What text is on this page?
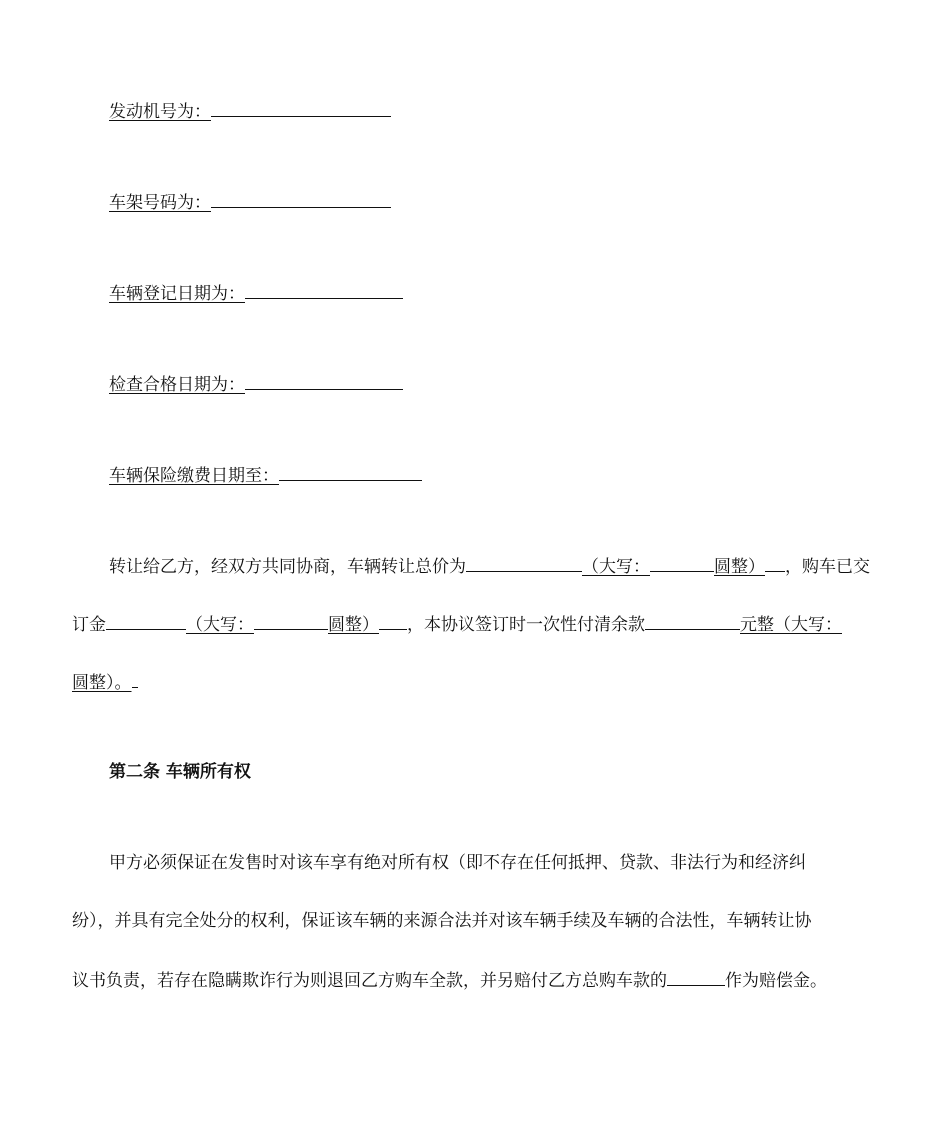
发动机号为：
车架号码为：
车辆登记日期为：
检查合格日期为：
车辆保险缴费日期至：
转让给乙方，经双方共同协商，车辆转让总价为	（大写：	圆整） ，购车已交
订金	（大写：	圆整） ，本协议签订时一次性付清余款	元整（大写：
圆整）。
第二条 车辆所有权
甲方必须保证在发售时对该车享有绝对所有权（即不存在任何抵押、贷款、非法行为和经济纠
纷），并具有完全处分的权利，保证该车辆的来源合法并对该车辆手续及车辆的合法性，车辆转让协
议书负责，若存在隐瞒欺诈行为则退回乙方购车全款，并另赔付乙方总购车款的	作为赔偿金。
